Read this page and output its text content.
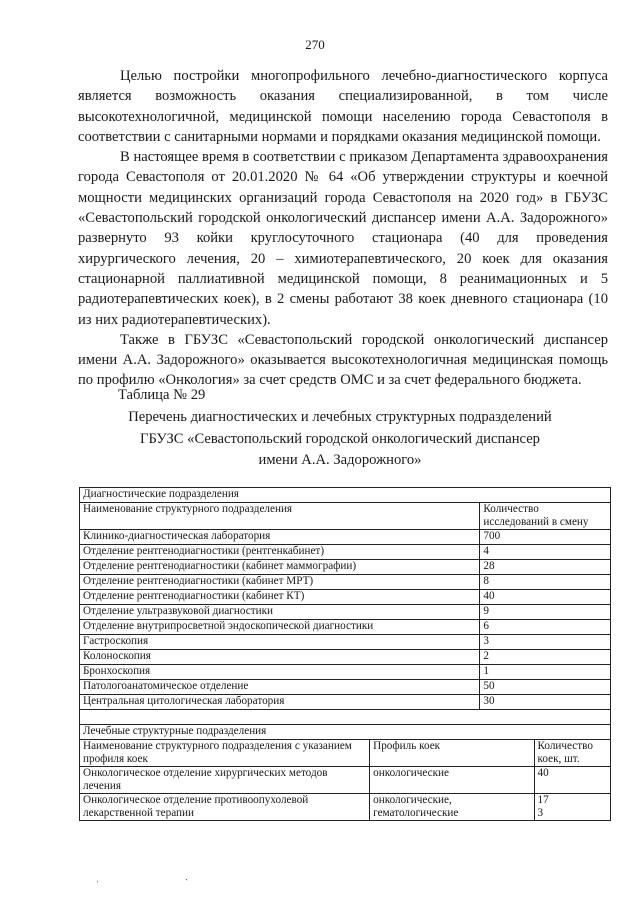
270

Целью постройки многопрофильного лечебно-диагностического корпуса является возможность оказания специализированной, в том числе высокотехнологичной, медицинской помощи населению города Севастополя в соответствии с санитарными нормами и порядками оказания медицинской помощи.

В настоящее время в соответствии с приказом Департамента здравоохранения города Севастополя от 20.01.2020 № 64 «Об утверждении структуры и коечной мощности медицинских организаций города Севастополя на 2020 год» в ГБУЗС «Севастопольский городской онкологический диспансер имени А.А. Задорожного» развернуто 93 койки круглосуточного стационара (40 для проведения хирургического лечения, 20 – химиотерапевтического, 20 коек для оказания стационарной паллиативной медицинской помощи, 8 реанимационных и 5 радиотерапевтических коек), в 2 смены работают 38 коек дневного стационара (10 из них радиотерапевтических).

Также в ГБУЗС «Севастопольский городской онкологический диспансер имени А.А. Задорожного» оказывается высокотехнологичная медицинская помощь по профилю «Онкология» за счет средств ОМС и за счет федерального бюджета.

Таблица № 29
Перечень диагностических и лечебных структурных подразделений
ГБУЗС «Севастопольский городской онкологический диспансер
имени А.А. Задорожного»
Диагностические подразделения	
Наименование структурного подразделения	Количество исследований в смену
Клинико-диагностическая лаборатория	700
Отделение рентгенодиагностики (рентгенкабинет)	4
Отделение рентгенодиагностики (кабинет маммографии)	28
Отделение рентгенодиагностики (кабинет МРТ)	8
Отделение рентгенодиагностики (кабинет КТ)	40
Отделение ультразвуковой диагностики	9
Отделение внутрипросветной эндоскопической диагностики	6
Гастроскопия	3
Колоноскопия	2
Бронхоскопия	1
Патологоанатомическое отделение	50
Центральная цитологическая лаборатория	30

Лечебные структурные подразделения		
Наименование структурного подразделения с указанием профиля коек	Профиль коек	Количество коек, шт.
Онкологическое отделение хирургических методов лечения	онкологические	40
Онкологическое отделение противоопухолевой лекарственной терапии	онкологические, гематологические	17
3
ˌ	ˏ
